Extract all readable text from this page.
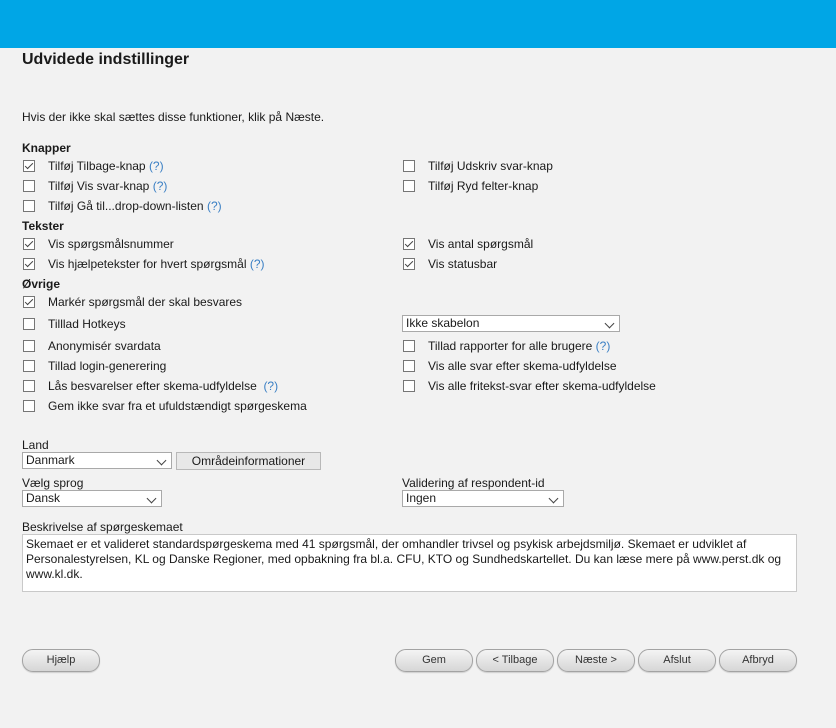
Udvidede indstillinger
Hvis der ikke skal sættes disse funktioner, klik på Næste.
Knapper
Tilføj Tilbage-knap (?)	Tilføj Udskriv svar-knap
Tilføj Vis svar-knap (?)	Tilføj Ryd felter-knap
Tilføj Gå til...drop-down-listen (?)
Tekster
Vis spørgsmålsnummer	Vis antal spørgsmål
Vis hjælpetekster for hvert spørgsmål (?)	Vis statusbar
Øvrige
Markér spørgsmål der skal besvares
Tilllad Hotkeys	Ikke skabelon
Anonymisér svardata	Tillad rapporter for alle brugere (?)
Tillad login-generering	Vis alle svar efter skema-udfyldelse
Lås besvarelser efter skema-udfyldelse (?)	Vis alle fritekst-svar efter skema-udfyldelse
Gem ikke svar fra et ufuldstændigt spørgeskema
Land
Danmark	Områdeinformationer
Vælg sprog
Dansk
Validering af respondent-id
Ingen
Beskrivelse af spørgeskemaet
Skemaet er et valideret standardspørgeskema med 41 spørgsmål, der omhandler trivsel og psykisk arbejdsmiljø. Skemaet er udviklet af Personalestyrelsen, KL og Danske Regioner, med opbakning fra bl.a. CFU, KTO og Sundhedskartellet. Du kan læse mere på www.perst.dk og www.kl.dk.
Hjælp	Gem	< Tilbage	Næste >	Afslut	Afbryd
